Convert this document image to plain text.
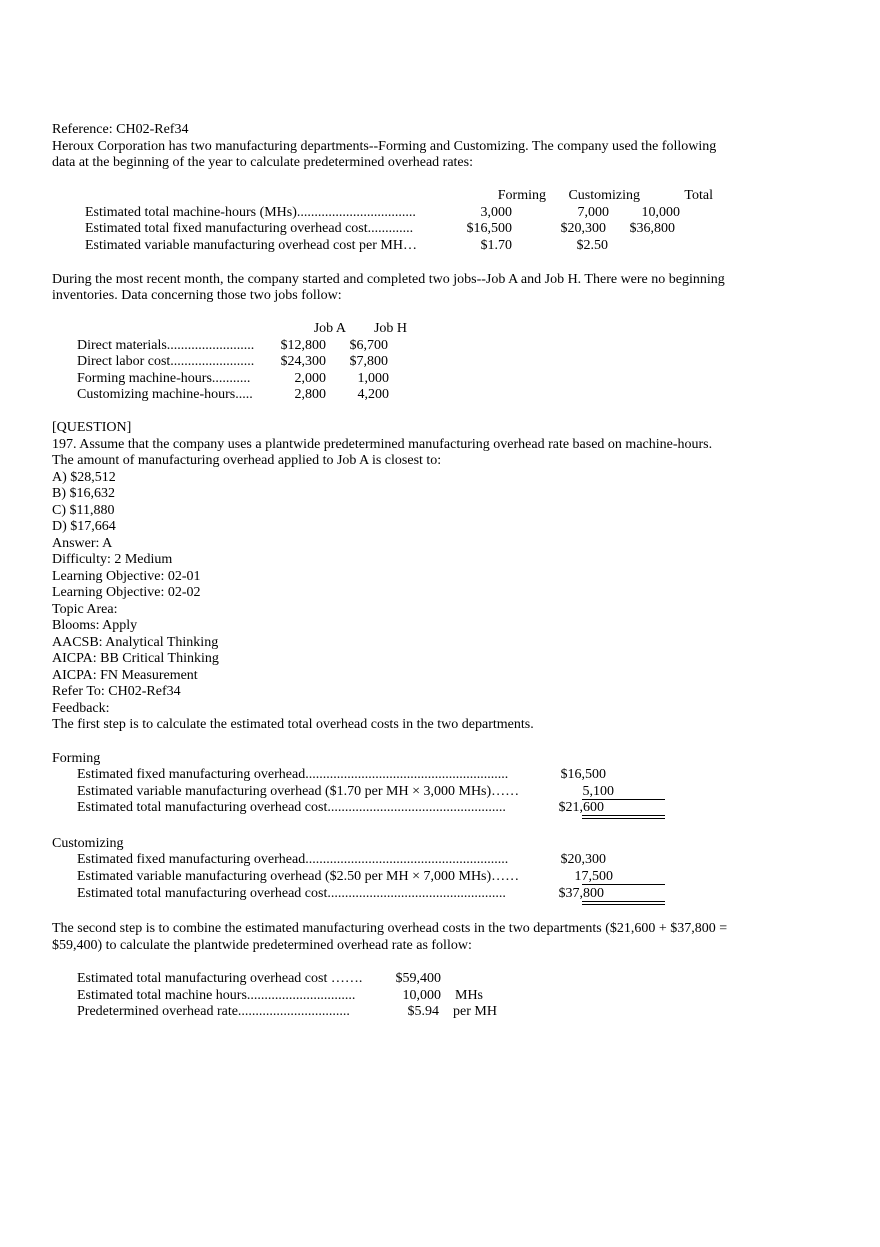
Reference: CH02-Ref34
Heroux Corporation has two manufacturing departments--Forming and Customizing. The company used the following
data at the beginning of the year to calculate predetermined overhead rates:
Forming	Customizing	Total
Estimated total machine-hours (MHs)..................................	3,000	7,000	10,000
Estimated total fixed manufacturing overhead cost.............	$16,500	$20,300	$36,800
Estimated variable manufacturing overhead cost per MH…	$1.70	$2.50
During the most recent month, the company started and completed two jobs--Job A and Job H. There were no beginning
inventories. Data concerning those two jobs follow:
Job A	Job H
Direct materials.........................	$12,800	$6,700
Direct labor cost........................	$24,300	$7,800
Forming machine-hours...........	2,000	1,000
Customizing machine-hours.....	2,800	4,200
[QUESTION]
197. Assume that the company uses a plantwide predetermined manufacturing overhead rate based on machine-hours.
The amount of manufacturing overhead applied to Job A is closest to:
A) $28,512
B) $16,632
C) $11,880
D) $17,664
Answer: A
Difficulty: 2 Medium
Learning Objective: 02-01
Learning Objective: 02-02
Topic Area:
Blooms: Apply
AACSB: Analytical Thinking
AICPA: BB Critical Thinking
AICPA: FN Measurement
Refer To: CH02-Ref34
Feedback:
The first step is to calculate the estimated total overhead costs in the two departments.
Forming
Estimated fixed manufacturing overhead..........................................................	$16,500
Estimated variable manufacturing overhead ($1.70 per MH × 3,000 MHs)……	5,100
Estimated total manufacturing overhead cost...................................................	$21,600
Customizing
Estimated fixed manufacturing overhead..........................................................	$20,300
Estimated variable manufacturing overhead ($2.50 per MH × 7,000 MHs)……	17,500
Estimated total manufacturing overhead cost...................................................	$37,800
The second step is to combine the estimated manufacturing overhead costs in the two departments ($21,600 + $37,800 =
$59,400) to calculate the plantwide predetermined overhead rate as follow:
Estimated total manufacturing overhead cost …….	$59,400
Estimated total machine hours...............................	10,000 MHs
Predetermined overhead rate................................	$5.94 per MH
